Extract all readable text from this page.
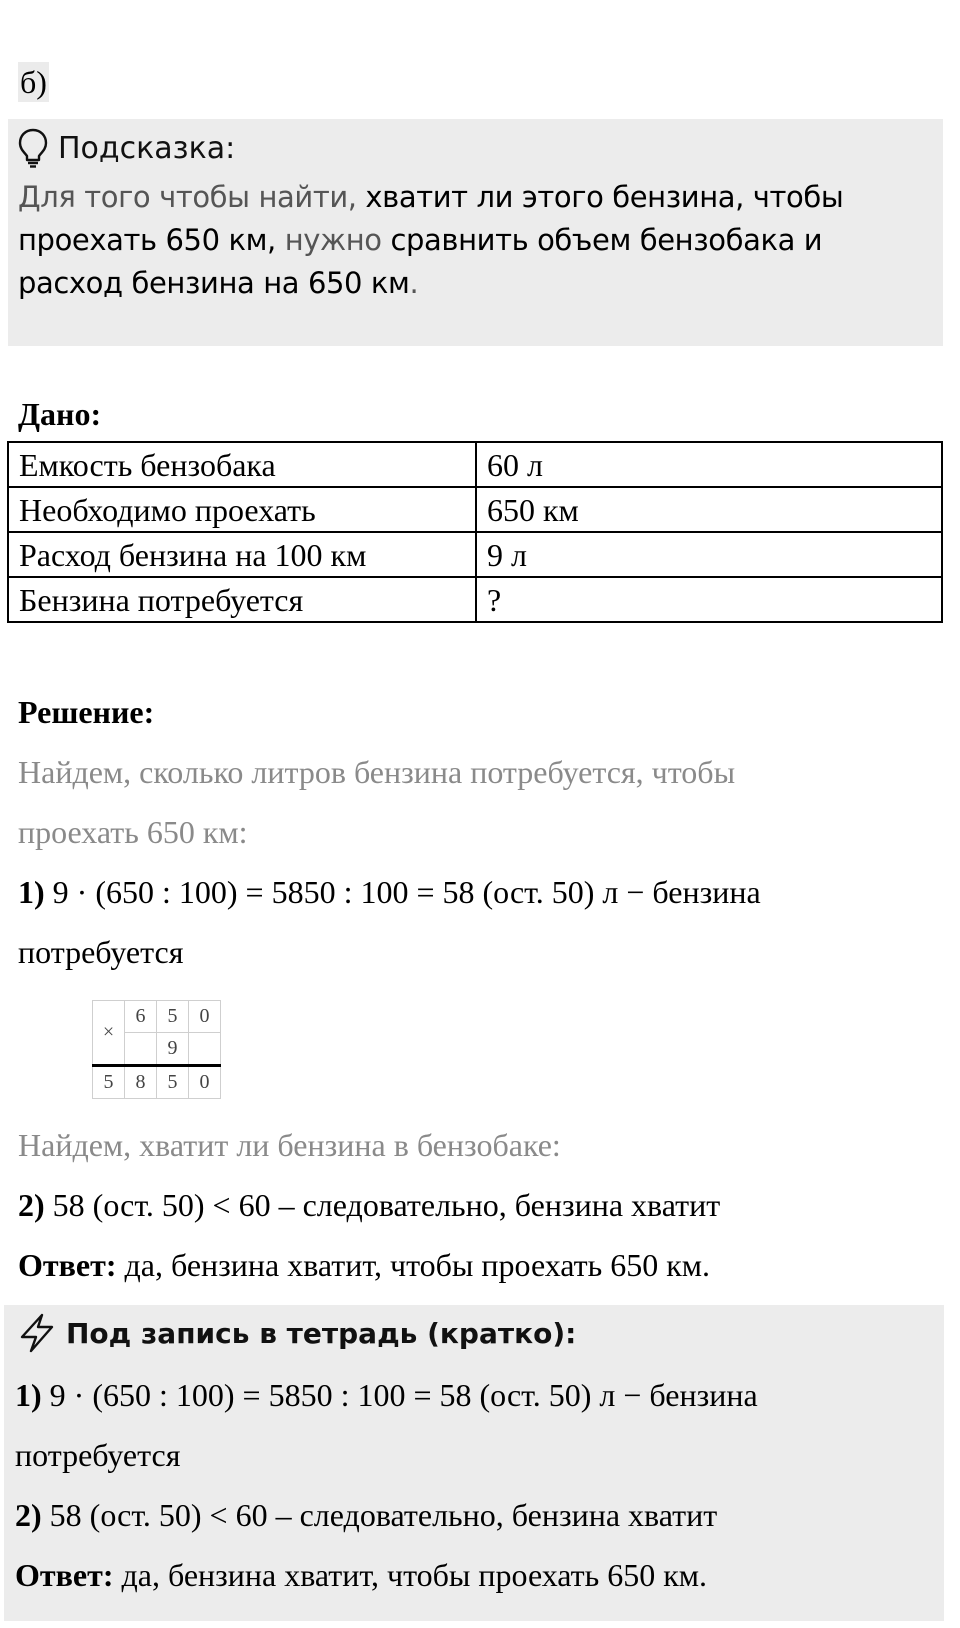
б)
Подсказка:
Для того чтобы найти, хватит ли этого бензина, чтобы проехать 650 км, нужно сравнить объем бензобака и расход бензина на 650 км.
Дано:
Емкость бензобака	60 л
Необходимо проехать	650 км
Расход бензина на 100 км	9 л
Бензина потребуется	?
Решение:
Найдем, сколько литров бензина потребуется, чтобы
проехать 650 км:
1) 9 · (650 : 100) = 5850 : 100 = 58 (ост. 50) л − бензина
потребуется
×	6	5	0
		9	
5	8	5	0
Найдем, хватит ли бензина в бензобаке:
2) 58 (ост. 50) < 60 – следовательно, бензина хватит
Ответ: да, бензина хватит, чтобы проехать 650 км.
Под запись в тетрадь (кратко):
1) 9 · (650 : 100) = 5850 : 100 = 58 (ост. 50) л − бензина
потребуется
2) 58 (ост. 50) < 60 – следовательно, бензина хватит
Ответ: да, бензина хватит, чтобы проехать 650 км.
